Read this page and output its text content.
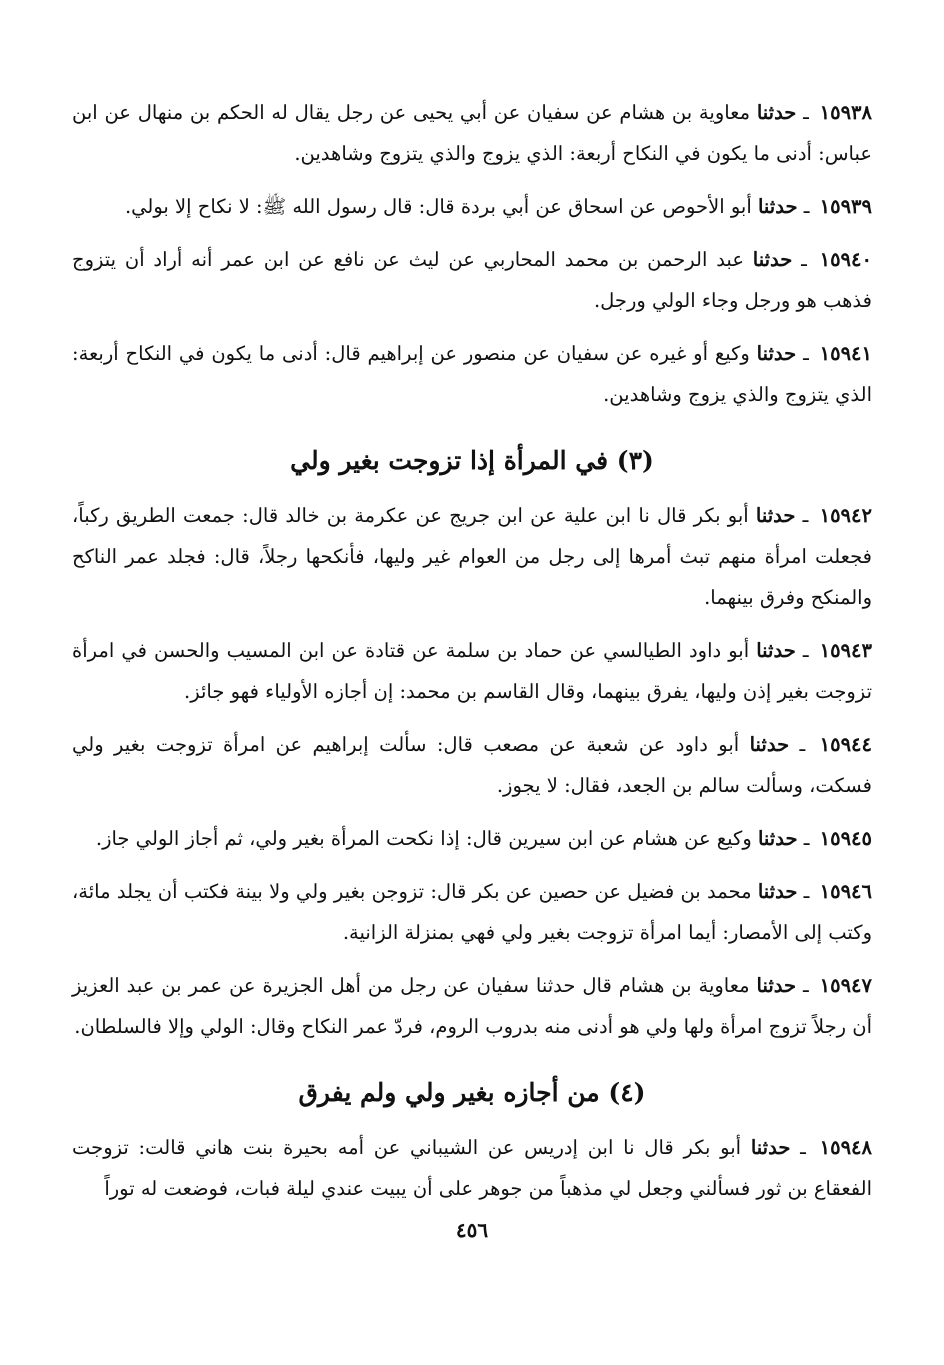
١٥٩٣٨ ـ حدثنا معاوية بن هشام عن سفيان عن أبي يحيى عن رجل يقال له الحكم بن منهال عن ابن عباس: أدنى ما يكون في النكاح أربعة: الذي يزوج والذي يتزوج وشاهدين.

١٥٩٣٩ ـ حدثنا أبو الأحوص عن اسحاق عن أبي بردة قال: قال رسول الله ﷺ: لا نكاح إلا بولي.

١٥٩٤٠ ـ حدثنا عبد الرحمن بن محمد المحاربي عن ليث عن نافع عن ابن عمر أنه أراد أن يتزوج فذهب هو ورجل وجاء الولي ورجل.

١٥٩٤١ ـ حدثنا وكيع أو غيره عن سفيان عن منصور عن إبراهيم قال: أدنى ما يكون في النكاح أربعة: الذي يتزوج والذي يزوج وشاهدين.

(٣) في المرأة إذا تزوجت بغير ولي

١٥٩٤٢ ـ حدثنا أبو بكر قال نا ابن علية عن ابن جريج عن عكرمة بن خالد قال: جمعت الطريق ركباً، فجعلت امرأة منهم تبث أمرها إلى رجل من العوام غير وليها، فأنكحها رجلاً، قال: فجلد عمر الناكح والمنكح وفرق بينهما.

١٥٩٤٣ ـ حدثنا أبو داود الطيالسي عن حماد بن سلمة عن قتادة عن ابن المسيب والحسن في امرأة تزوجت بغير إذن وليها، يفرق بينهما، وقال القاسم بن محمد: إن أجازه الأولياء فهو جائز.

١٥٩٤٤ ـ حدثنا أبو داود عن شعبة عن مصعب قال: سألت إبراهيم عن امرأة تزوجت بغير ولي فسكت، وسألت سالم بن الجعد، فقال: لا يجوز.

١٥٩٤٥ ـ حدثنا وكيع عن هشام عن ابن سيرين قال: إذا نكحت المرأة بغير ولي، ثم أجاز الولي جاز.

١٥٩٤٦ ـ حدثنا محمد بن فضيل عن حصين عن بكر قال: تزوجن بغير ولي ولا بينة فكتب أن يجلد مائة، وكتب إلى الأمصار: أيما امرأة تزوجت بغير ولي فهي بمنزلة الزانية.

١٥٩٤٧ ـ حدثنا معاوية بن هشام قال حدثنا سفيان عن رجل من أهل الجزيرة عن عمر بن عبد العزيز أن رجلاً تزوج امرأة ولها ولي هو أدنى منه بدروب الروم، فردّ عمر النكاح وقال: الولي وإلا فالسلطان.

(٤) من أجازه بغير ولي ولم يفرق

١٥٩٤٨ ـ حدثنا أبو بكر قال نا ابن إدريس عن الشيباني عن أمه بحيرة بنت هاني قالت: تزوجت الفعقاع بن ثور فسألني وجعل لي مذهباً من جوهر على أن يبيت عندي ليلة فبات، فوضعت له توراً

٤٥٦
